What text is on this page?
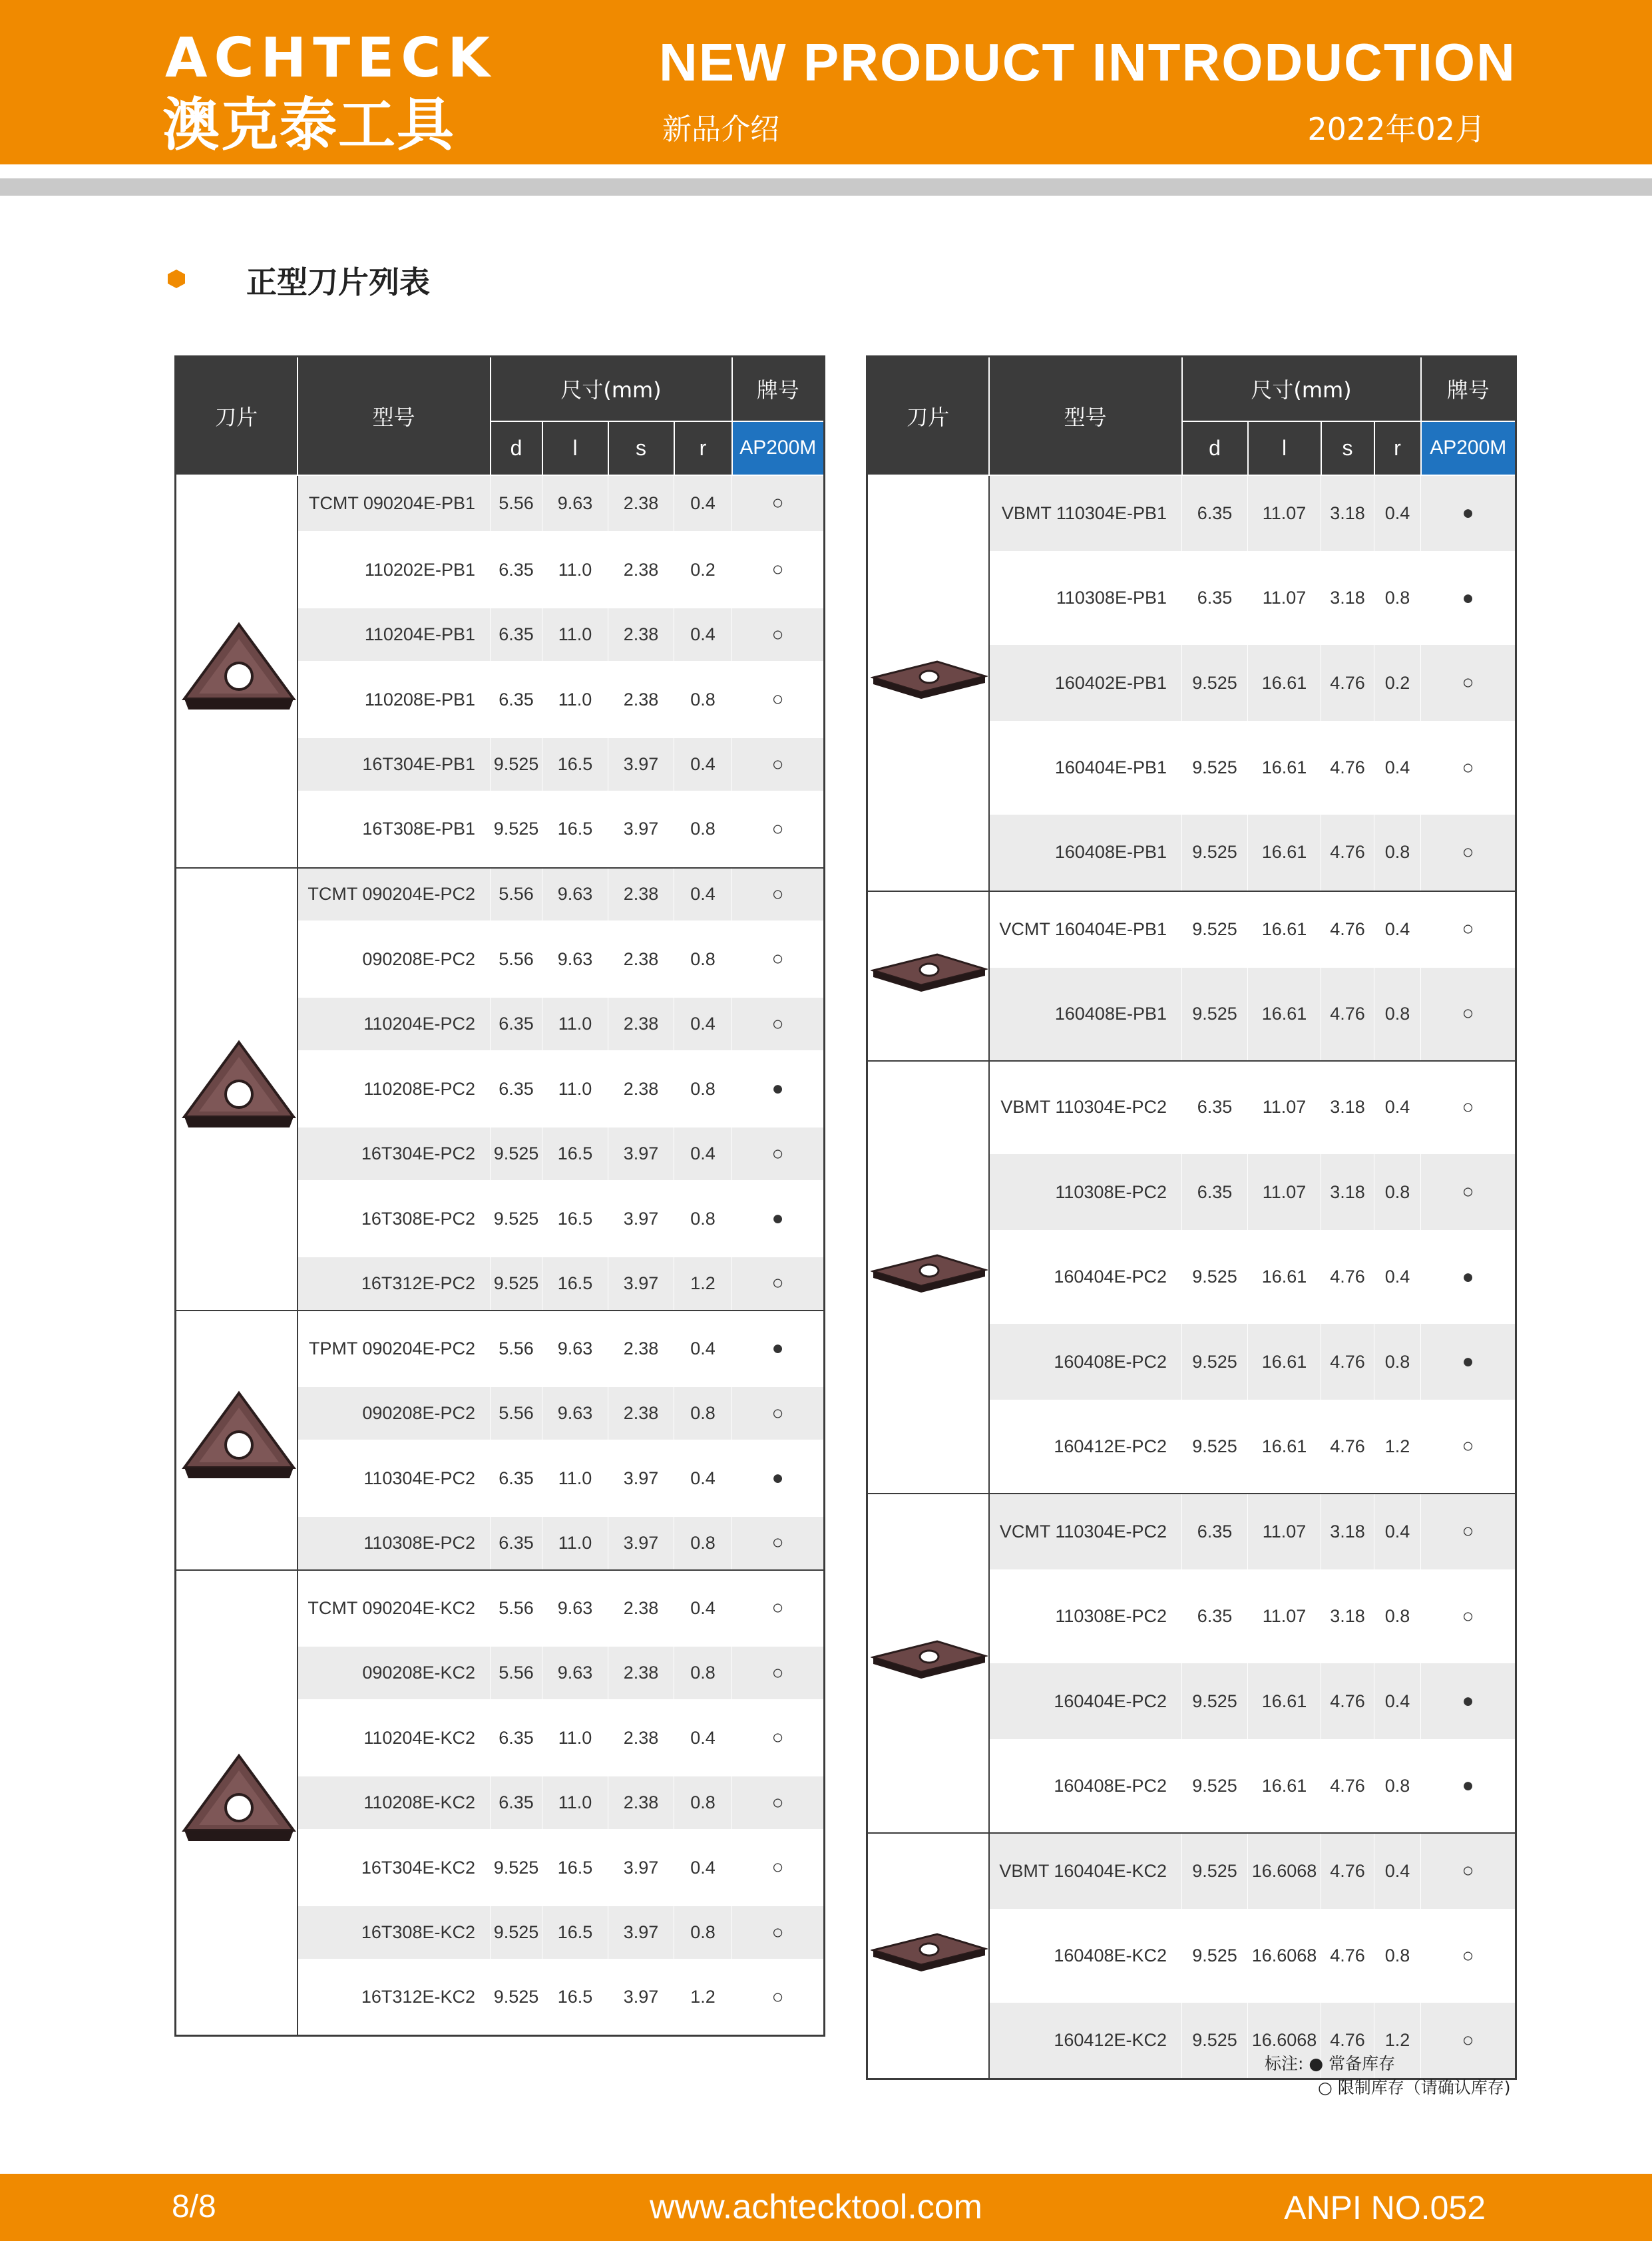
ACHTECK
澳克泰工具
NEW PRODUCT INTRODUCTION
新品介绍	2022年02月
正型刀片列表
刀片	型号	尺寸(mm)				牌号
		d	l	s	r	AP200M
	TCMT 090204E-PB1	5.56	9.63	2.38	0.4	○
	110202E-PB1	6.35	11.0	2.38	0.2	○
	110204E-PB1	6.35	11.0	2.38	0.4	○
	110208E-PB1	6.35	11.0	2.38	0.8	○
	16T304E-PB1	9.525	16.5	3.97	0.4	○
	16T308E-PB1	9.525	16.5	3.97	0.8	○
	TCMT 090204E-PC2	5.56	9.63	2.38	0.4	○
	090208E-PC2	5.56	9.63	2.38	0.8	○
	110204E-PC2	6.35	11.0	2.38	0.4	○
	110208E-PC2	6.35	11.0	2.38	0.8	●
	16T304E-PC2	9.525	16.5	3.97	0.4	○
	16T308E-PC2	9.525	16.5	3.97	0.8	●
	16T312E-PC2	9.525	16.5	3.97	1.2	○
	TPMT 090204E-PC2	5.56	9.63	2.38	0.4	●
	090208E-PC2	5.56	9.63	2.38	0.8	○
	110304E-PC2	6.35	11.0	3.97	0.4	●
	110308E-PC2	6.35	11.0	3.97	0.8	○
	TCMT 090204E-KC2	5.56	9.63	2.38	0.4	○
	090208E-KC2	5.56	9.63	2.38	0.8	○
	110204E-KC2	6.35	11.0	2.38	0.4	○
	110208E-KC2	6.35	11.0	2.38	0.8	○
	16T304E-KC2	9.525	16.5	3.97	0.4	○
	16T308E-KC2	9.525	16.5	3.97	0.8	○
	16T312E-KC2	9.525	16.5	3.97	1.2	○
刀片	型号	尺寸(mm)				牌号
		d	l	s	r	AP200M
	VBMT 110304E-PB1	6.35	11.07	3.18	0.4	●
	110308E-PB1	6.35	11.07	3.18	0.8	●
	160402E-PB1	9.525	16.61	4.76	0.2	○
	160404E-PB1	9.525	16.61	4.76	0.4	○
	160408E-PB1	9.525	16.61	4.76	0.8	○
	VCMT 160404E-PB1	9.525	16.61	4.76	0.4	○
	160408E-PB1	9.525	16.61	4.76	0.8	○
	VBMT 110304E-PC2	6.35	11.07	3.18	0.4	○
	110308E-PC2	6.35	11.07	3.18	0.8	○
	160404E-PC2	9.525	16.61	4.76	0.4	●
	160408E-PC2	9.525	16.61	4.76	0.8	●
	160412E-PC2	9.525	16.61	4.76	1.2	○
	VCMT 110304E-PC2	6.35	11.07	3.18	0.4	○
	110308E-PC2	6.35	11.07	3.18	0.8	○
	160404E-PC2	9.525	16.61	4.76	0.4	●
	160408E-PC2	9.525	16.61	4.76	0.8	●
	VBMT 160404E-KC2	9.525	16.6068	4.76	0.4	○
	160408E-KC2	9.525	16.6068	4.76	0.8	○
	160412E-KC2	9.525	16.6068	4.76	1.2	○
标注: ● 常备库存
○ 限制库存（请确认库存)
8/8	www.achtecktool.com	ANPI NO.052
